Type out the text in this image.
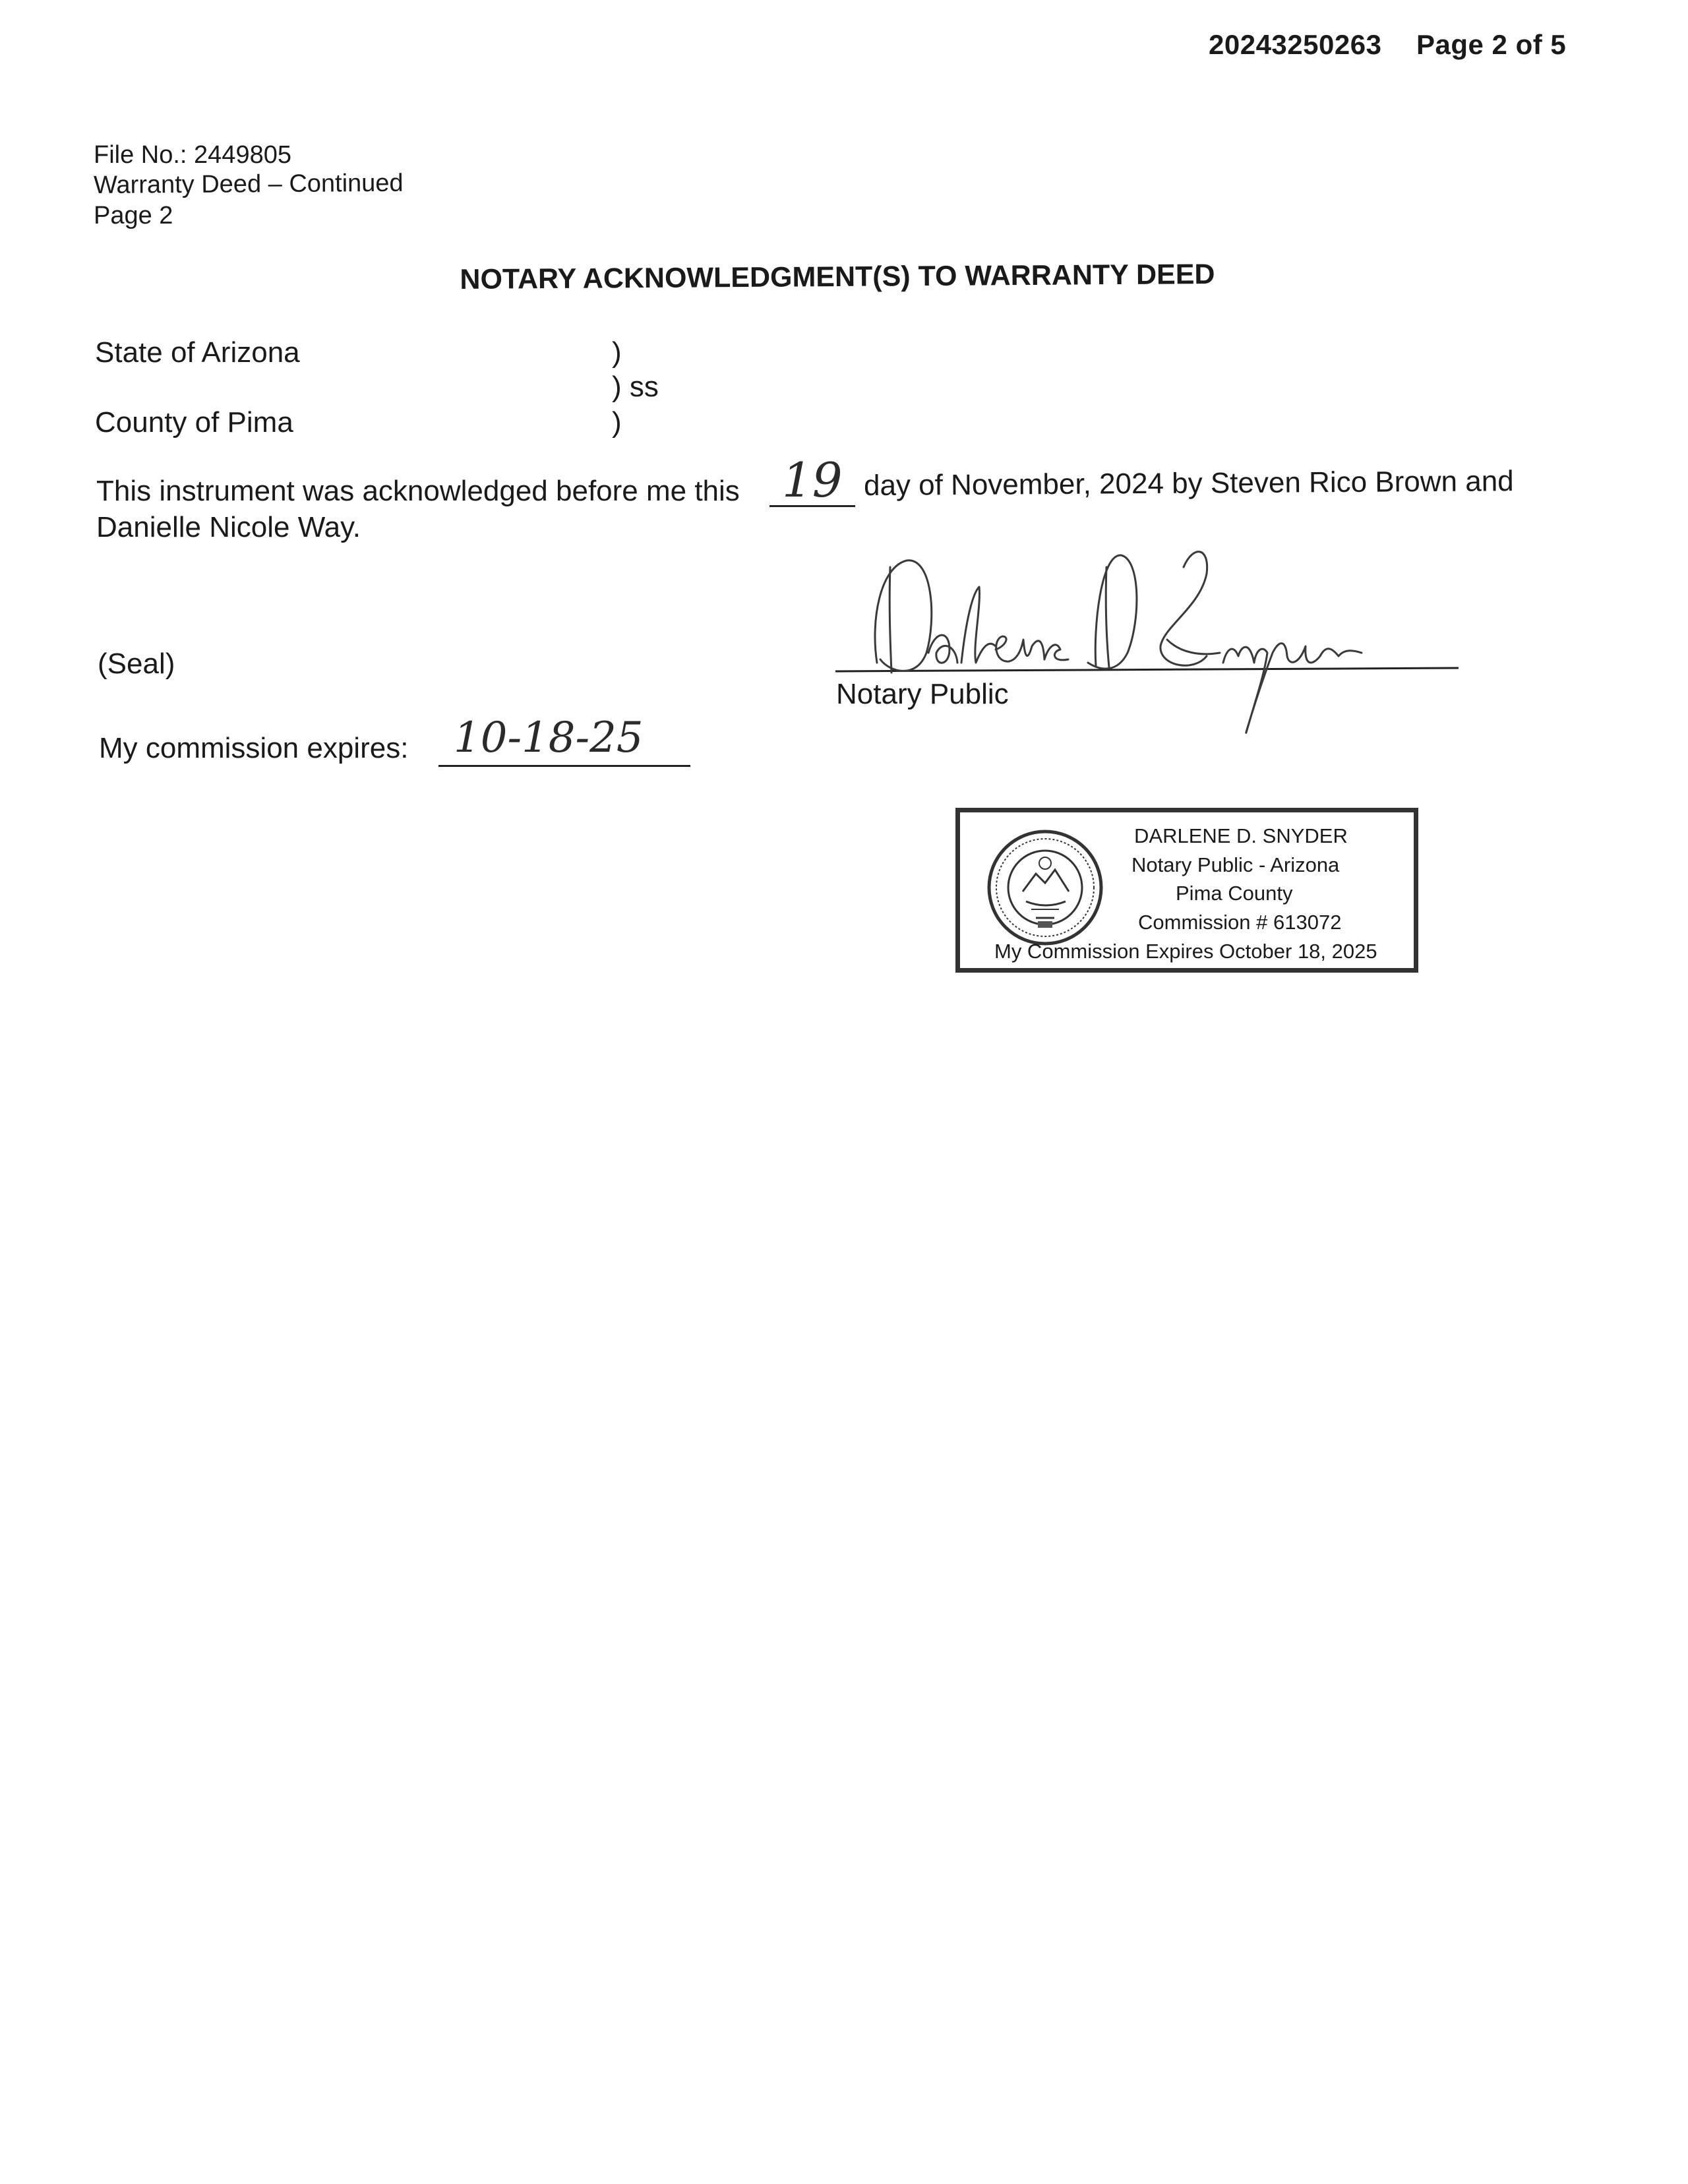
20243250263 Page 2 of 5
File No.: 2449805
Warranty Deed – Continued
Page 2
NOTARY ACKNOWLEDGMENT(S) TO WARRANTY DEED
State of Arizona
County of Pima
)
) ss
)
This instrument was acknowledged before me this 19 day of November, 2024 by Steven Rico Brown and
Danielle Nicole Way.
(Seal)
Notary Public
My commission expires: 10-18-25
DARLENE D. SNYDER
Notary Public - Arizona
Pima County
Commission # 613072
My Commission Expires October 18, 2025
